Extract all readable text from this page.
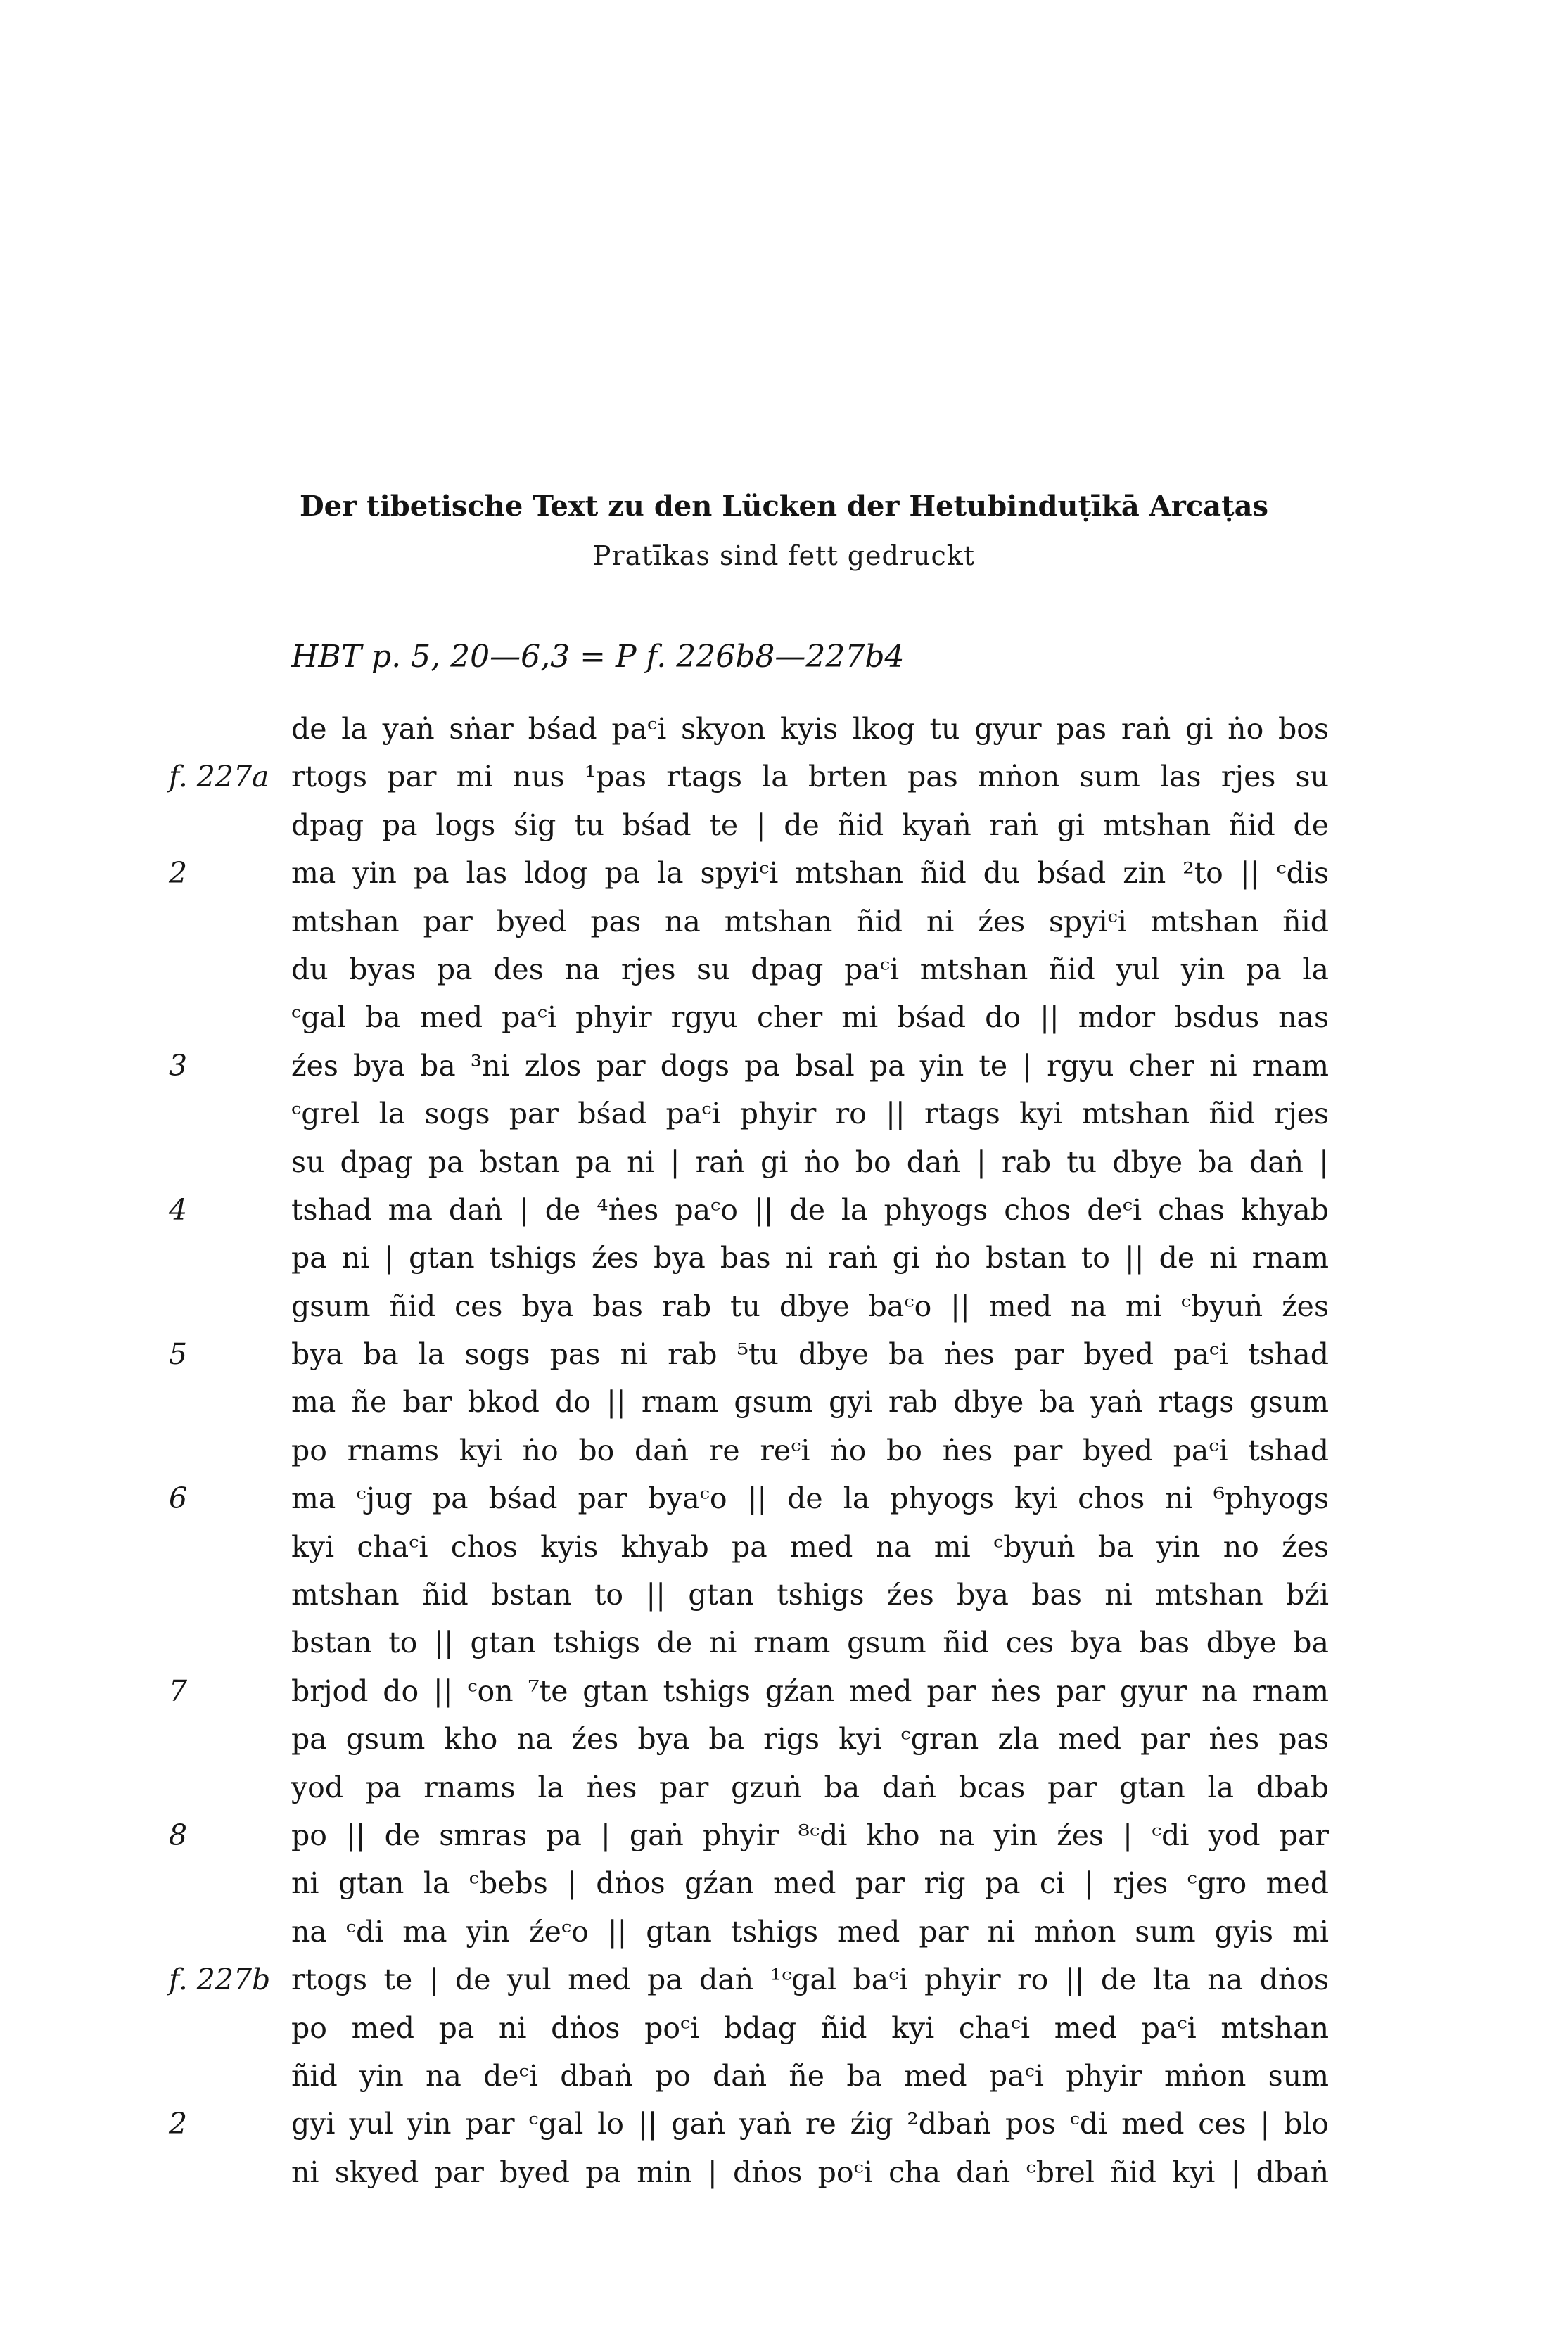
Der tibetische Text zu den Lücken der Hetubinduṭīkā Arcaṭas
Pratīkas sind fett gedruckt
HBT p. 5, 20—6,3 = P f. 226b8—227b4
de la yaṅ sṅar bśad paᶜi skyon kyis lkog tu gyur pas raṅ gi ṅo bos
rtogs par mi nus ¹pas rtags la brten pas mṅon sum las rjes su
f. 227a
dpag pa logs śig tu bśad te | de ñid kyaṅ raṅ gi mtshan ñid de
ma yin pa las ldog pa la spyiᶜi mtshan ñid du bśad zin ²to || ᶜdis
2
mtshan par byed pas na mtshan ñid ni źes spyiᶜi mtshan ñid
du byas pa des na rjes su dpag paᶜi mtshan ñid yul yin pa la
ᶜgal ba med paᶜi phyir rgyu cher mi bśad do || mdor bsdus nas
źes bya ba ³ni zlos par dogs pa bsal pa yin te | rgyu cher ni rnam
3
ᶜgrel la sogs par bśad paᶜi phyir ro || rtags kyi mtshan ñid rjes
su dpag pa bstan pa ni | raṅ gi ṅo bo daṅ | rab tu dbye ba daṅ |
tshad ma daṅ | de ⁴ṅes paᶜo || de la phyogs chos deᶜi chas khyab
4
pa ni | gtan tshigs źes bya bas ni raṅ gi ṅo bstan to || de ni rnam
gsum ñid ces bya bas rab tu dbye baᶜo || med na mi ᶜbyuṅ źes
bya ba la sogs pas ni rab ⁵tu dbye ba ṅes par byed paᶜi tshad
5
ma ñe bar bkod do || rnam gsum gyi rab dbye ba yaṅ rtags gsum
po rnams kyi ṅo bo daṅ re reᶜi ṅo bo ṅes par byed paᶜi tshad
ma ᶜjug pa bśad par byaᶜo || de la phyogs kyi chos ni ⁶phyogs
6
kyi chaᶜi chos kyis khyab pa med na mi ᶜbyuṅ ba yin no źes
mtshan ñid bstan to || gtan tshigs źes bya bas ni mtshan bźi
bstan to || gtan tshigs de ni rnam gsum ñid ces bya bas dbye ba
brjod do || ᶜon ⁷te gtan tshigs gźan med par ṅes par gyur na rnam
7
pa gsum kho na źes bya ba rigs kyi ᶜgran zla med par ṅes pas
yod pa rnams la ṅes par gzuṅ ba daṅ bcas par gtan la dbab
po || de smras pa | gaṅ phyir ⁸ᶜdi kho na yin źes | ᶜdi yod par
8
ni gtan la ᶜbebs | dṅos gźan med par rig pa ci | rjes ᶜgro med
na ᶜdi ma yin źeᶜo || gtan tshigs med par ni mṅon sum gyis mi
rtogs te | de yul med pa daṅ ¹ᶜgal baᶜi phyir ro || de lta na dṅos
f. 227b
po med pa ni dṅos poᶜi bdag ñid kyi chaᶜi med paᶜi mtshan
ñid yin na deᶜi dbaṅ po daṅ ñe ba med paᶜi phyir mṅon sum
gyi yul yin par ᶜgal lo || gaṅ yaṅ re źig ²dbaṅ pos ᶜdi med ces | blo
2
ni skyed par byed pa min | dṅos poᶜi cha daṅ ᶜbrel ñid kyi | dbaṅ
